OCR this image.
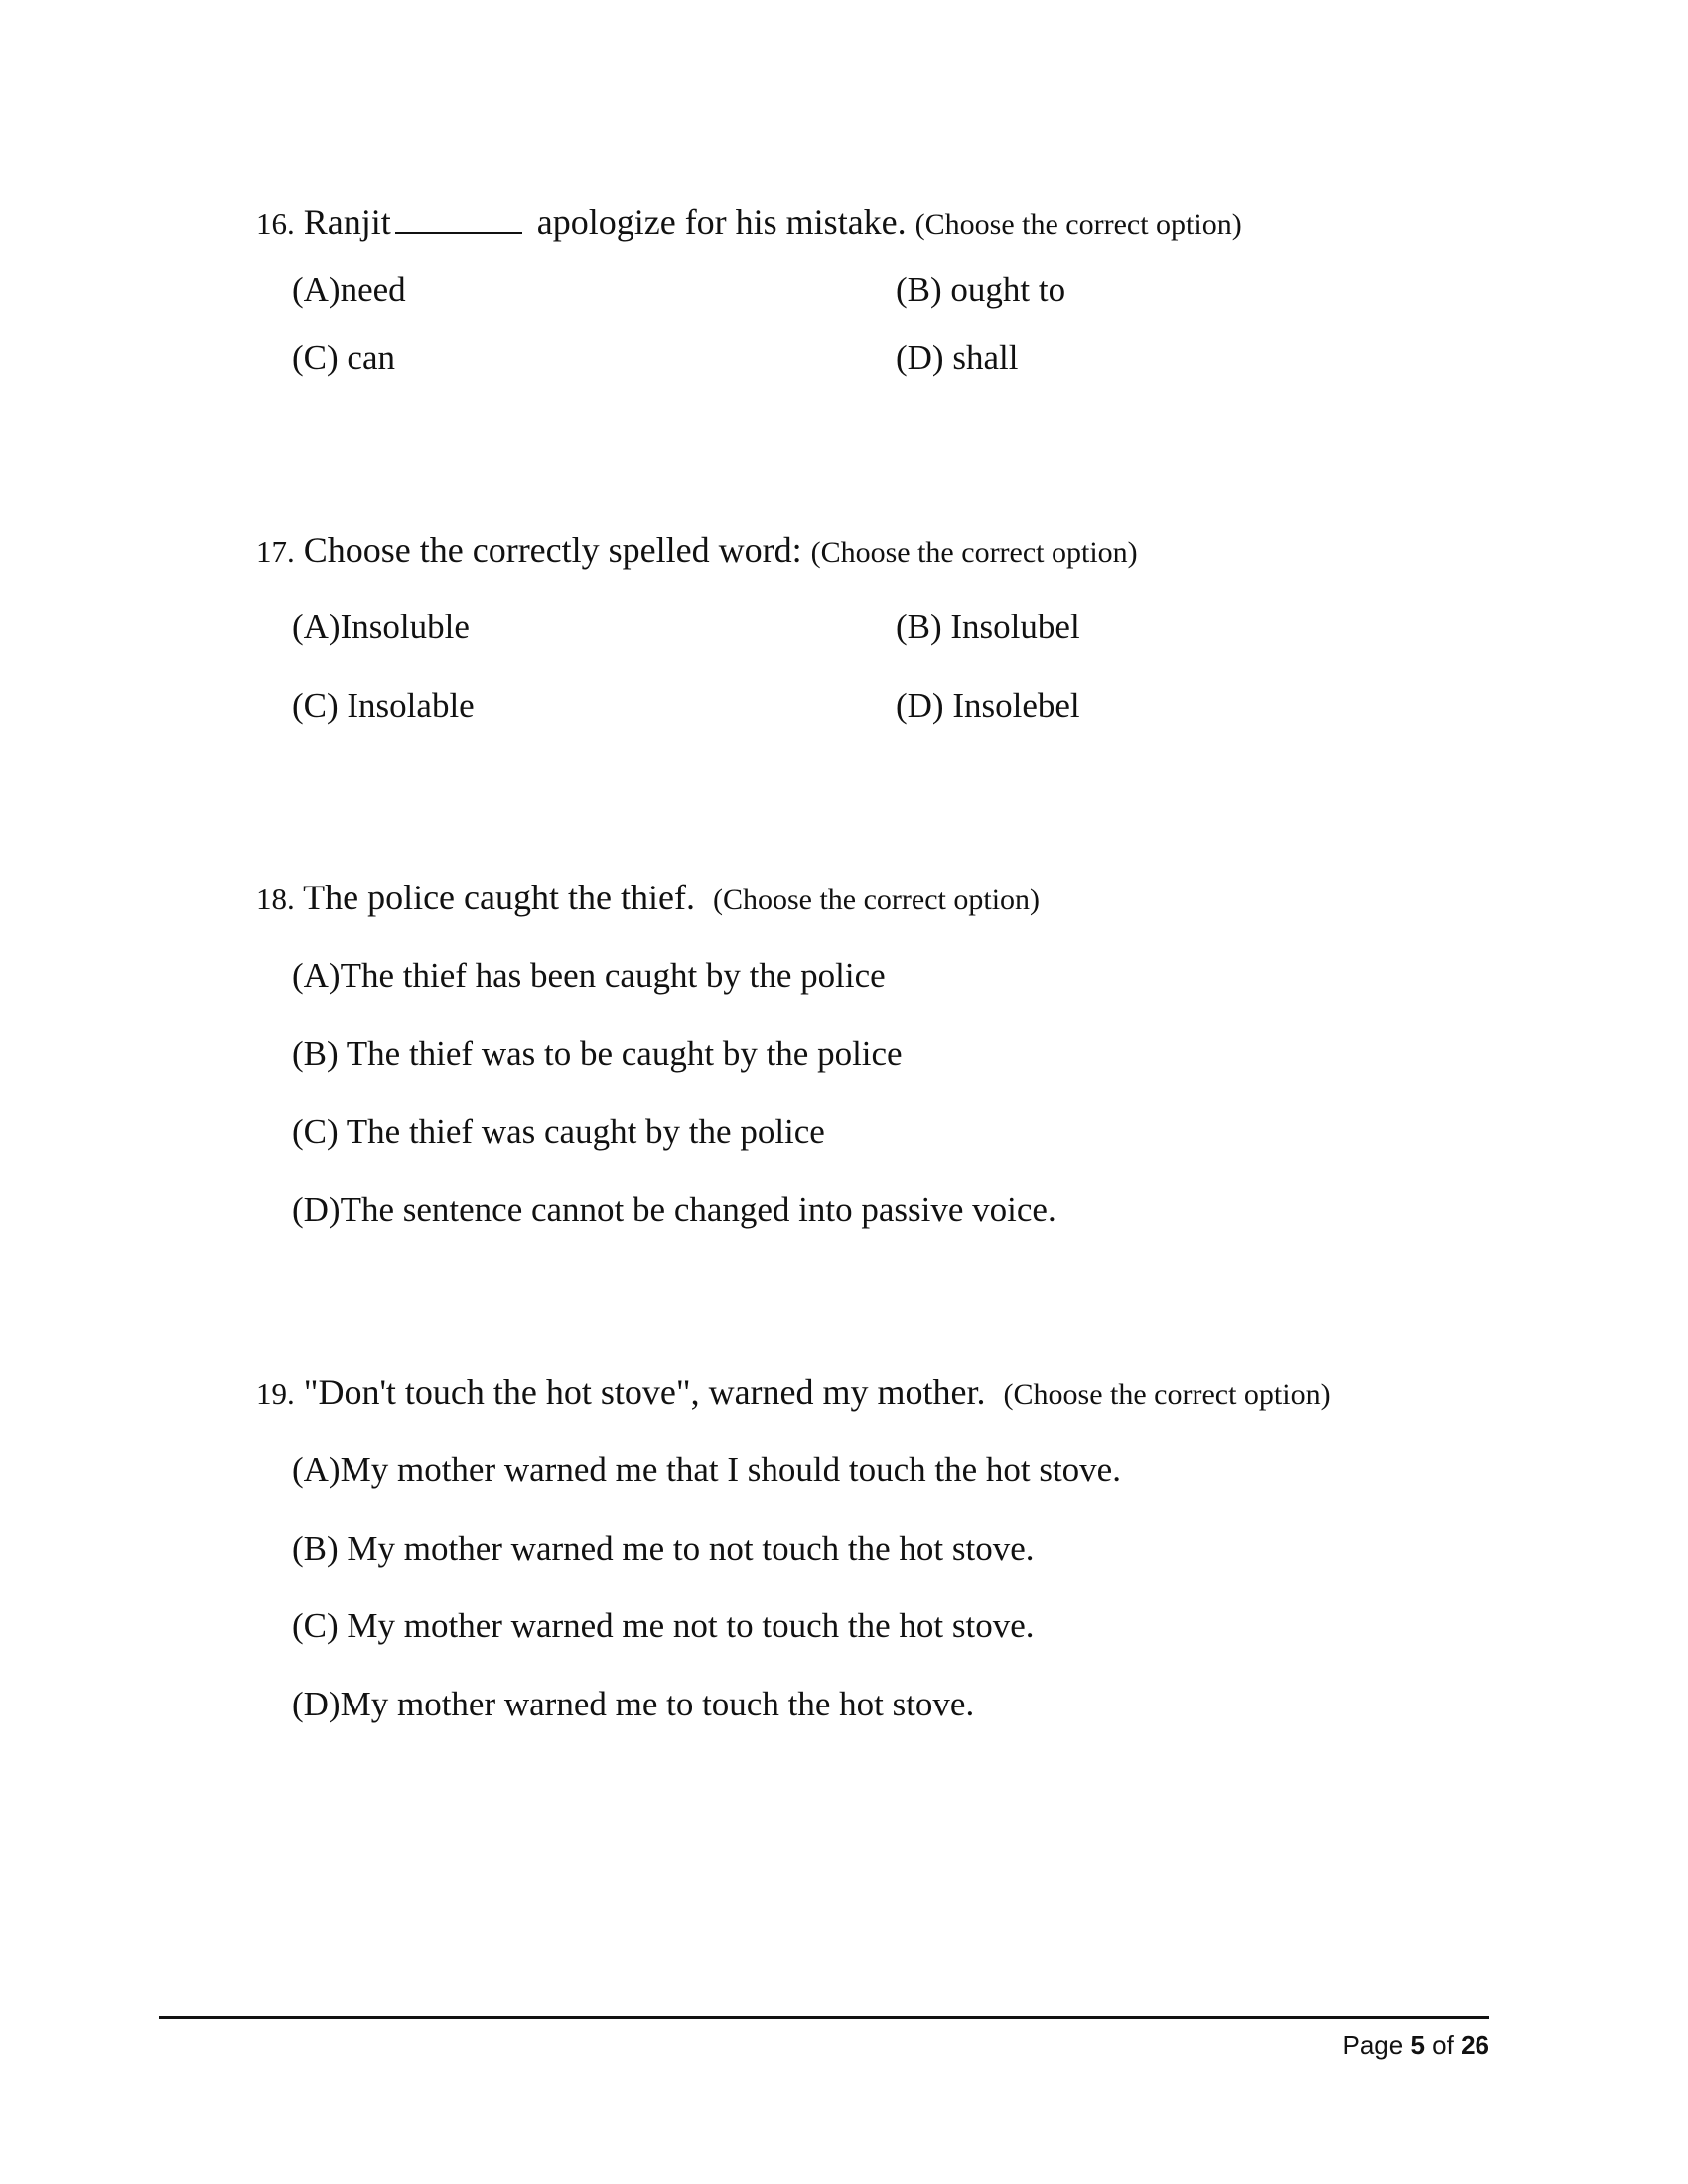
16. Ranjit	apologize for his mistake. (Choose the correct option)
(A)need	(B) ought to
(C) can	(D) shall
17. Choose the correctly spelled word: (Choose the correct option)
(A)Insoluble	(B) Insolubel
(C) Insolable	(D) Insolebel
18. The police caught the thief. (Choose the correct option)
(A)The thief has been caught by the police
(B) The thief was to be caught by the police
(C) The thief was caught by the police
(D)The sentence cannot be changed into passive voice.
19. "Don't touch the hot stove", warned my mother. (Choose the correct option)
(A)My mother warned me that I should touch the hot stove.
(B) My mother warned me to not touch the hot stove.
(C) My mother warned me not to touch the hot stove.
(D)My mother warned me to touch the hot stove.
Page 5 of 26
